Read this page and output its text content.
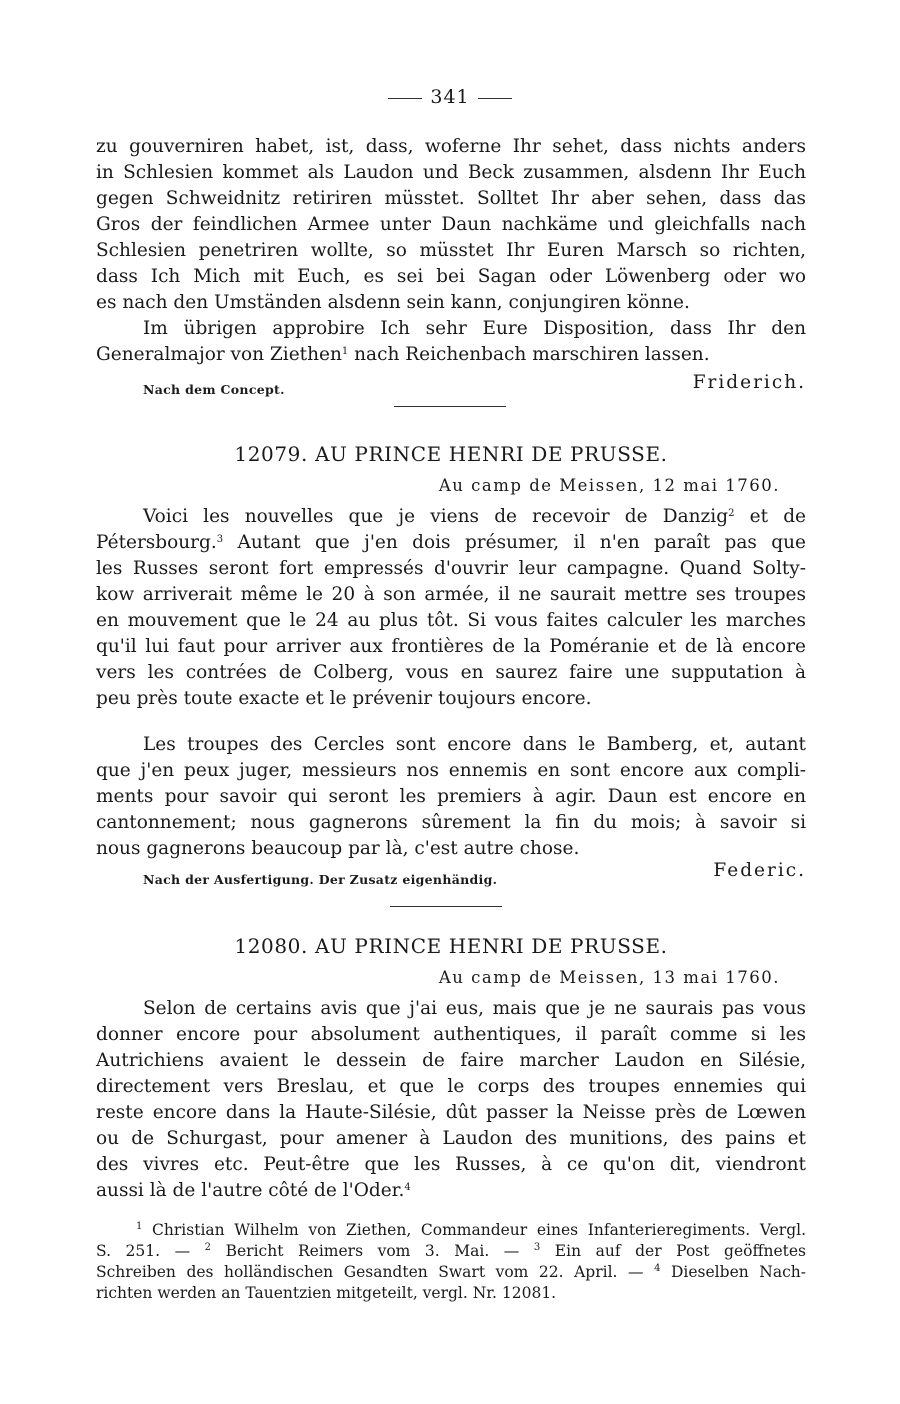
341
zu gouverniren habet, ist, dass, woferne Ihr sehet, dass nichts anders
in Schlesien kommet als Laudon und Beck zusammen, alsdenn Ihr Euch
gegen Schweidnitz retiriren müsstet. Solltet Ihr aber sehen, dass das
Gros der feindlichen Armee unter Daun nachkäme und gleichfalls nach
Schlesien penetriren wollte, so müsstet Ihr Euren Marsch so richten,
dass Ich Mich mit Euch, es sei bei Sagan oder Löwenberg oder wo
es nach den Umständen alsdenn sein kann, conjungiren könne.
Im übrigen approbire Ich sehr Eure Disposition, dass Ihr den
Generalmajor von Ziethen$^1$ nach Reichenbach marschiren lassen.
Nach dem Concept.	Friderich.
12079. AU PRINCE HENRI DE PRUSSE.
Au camp de Meissen, 12 mai 1760.
Voici les nouvelles que je viens de recevoir de Danzig$^2$ et de
Pétersbourg.$^3$ Autant que j'en dois présumer, il n'en paraît pas que
les Russes seront fort empressés d'ouvrir leur campagne. Quand Solty-
kow arriverait même le 20 à son armée, il ne saurait mettre ses troupes
en mouvement que le 24 au plus tôt. Si vous faites calculer les marches
qu'il lui faut pour arriver aux frontières de la Poméranie et de là encore
vers les contrées de Colberg, vous en saurez faire une supputation à
peu près toute exacte et le prévenir toujours encore.
Les troupes des Cercles sont encore dans le Bamberg, et, autant
que j'en peux juger, messieurs nos ennemis en sont encore aux compli-
ments pour savoir qui seront les premiers à agir. Daun est encore en
cantonnement; nous gagnerons sûrement la fin du mois; à savoir si
nous gagnerons beaucoup par là, c'est autre chose.
Nach der Ausfertigung. Der Zusatz eigenhändig.	Federic.
12080. AU PRINCE HENRI DE PRUSSE.
Au camp de Meissen, 13 mai 1760.
Selon de certains avis que j'ai eus, mais que je ne saurais pas vous
donner encore pour absolument authentiques, il paraît comme si les
Autrichiens avaient le dessein de faire marcher Laudon en Silésie,
directement vers Breslau, et que le corps des troupes ennemies qui
reste encore dans la Haute-Silésie, dût passer la Neisse près de Lœwen
ou de Schurgast, pour amener à Laudon des munitions, des pains et
des vivres etc. Peut-être que les Russes, à ce qu'on dit, viendront
aussi là de l'autre côté de l'Oder.$^4$
$^1$ Christian Wilhelm von Ziethen, Commandeur eines Infanterieregiments. Vergl.
S. 251. — $^2$ Bericht Reimers vom 3. Mai. — $^3$ Ein auf der Post geöffnetes
Schreiben des holländischen Gesandten Swart vom 22. April. — $^4$ Dieselben Nach-
richten werden an Tauentzien mitgeteilt, vergl. Nr. 12081.
